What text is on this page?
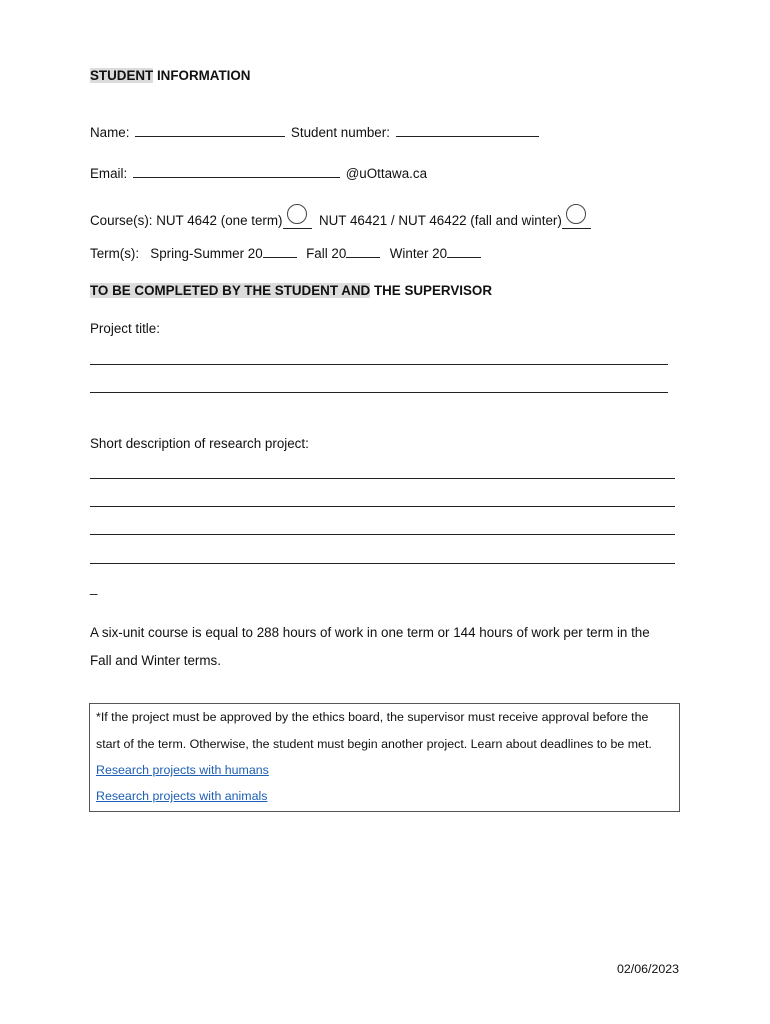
STUDENT INFORMATION
Name:	Student number:
Email:	@uOttawa.ca
Course(s): NUT 4642 (one term)	NUT 46421 / NUT 46422 (fall and winter)
Term(s): Spring-Summer 20	Fall 20	Winter 20
TO BE COMPLETED BY THE STUDENT AND THE SUPERVISOR
Project title:
Short description of research project:
_
A six-unit course is equal to 288 hours of work in one term or 144 hours of work per term in the
Fall and Winter terms.
*If the project must be approved by the ethics board, the supervisor must receive approval before the
start of the term. Otherwise, the student must begin another project. Learn about deadlines to be met.
Research projects with humans
Research projects with animals
02/06/2023
